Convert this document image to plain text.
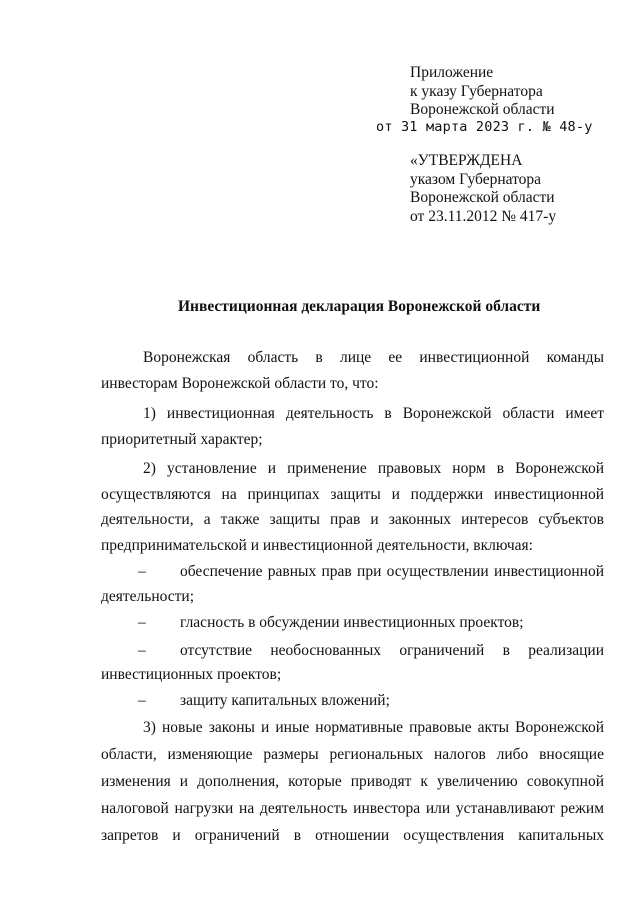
Приложение
к указу Губернатора
Воронежской области
от 31 марта 2023 г. № 48-у
«УТВЕРЖДЕНА
указом Губернатора
Воронежской области
от 23.11.2012 № 417-у
Инвестиционная декларация Воронежской области
Воронежская область в лице ее инвестиционной команды
инвесторам Воронежской области то, что:
1) инвестиционная деятельность в Воронежской области имеет
приоритетный характер;
2) установление и применение правовых норм в Воронежской
осуществляются на принципах защиты и поддержки инвестиционной
деятельности, а также защиты прав и законных интересов субъектов
предпринимательской и инвестиционной деятельности, включая:
– обеспечение равных прав при осуществлении инвестиционной
деятельности;
– гласность в обсуждении инвестиционных проектов;
– отсутствие необоснованных ограничений в реализации
инвестиционных проектов;
– защиту капитальных вложений;
3) новые законы и иные нормативные правовые акты Воронежской
области, изменяющие размеры региональных налогов либо вносящие
изменения и дополнения, которые приводят к увеличению совокупной
налоговой нагрузки на деятельность инвестора или устанавливают режим
запретов и ограничений в отношении осуществления капитальных
